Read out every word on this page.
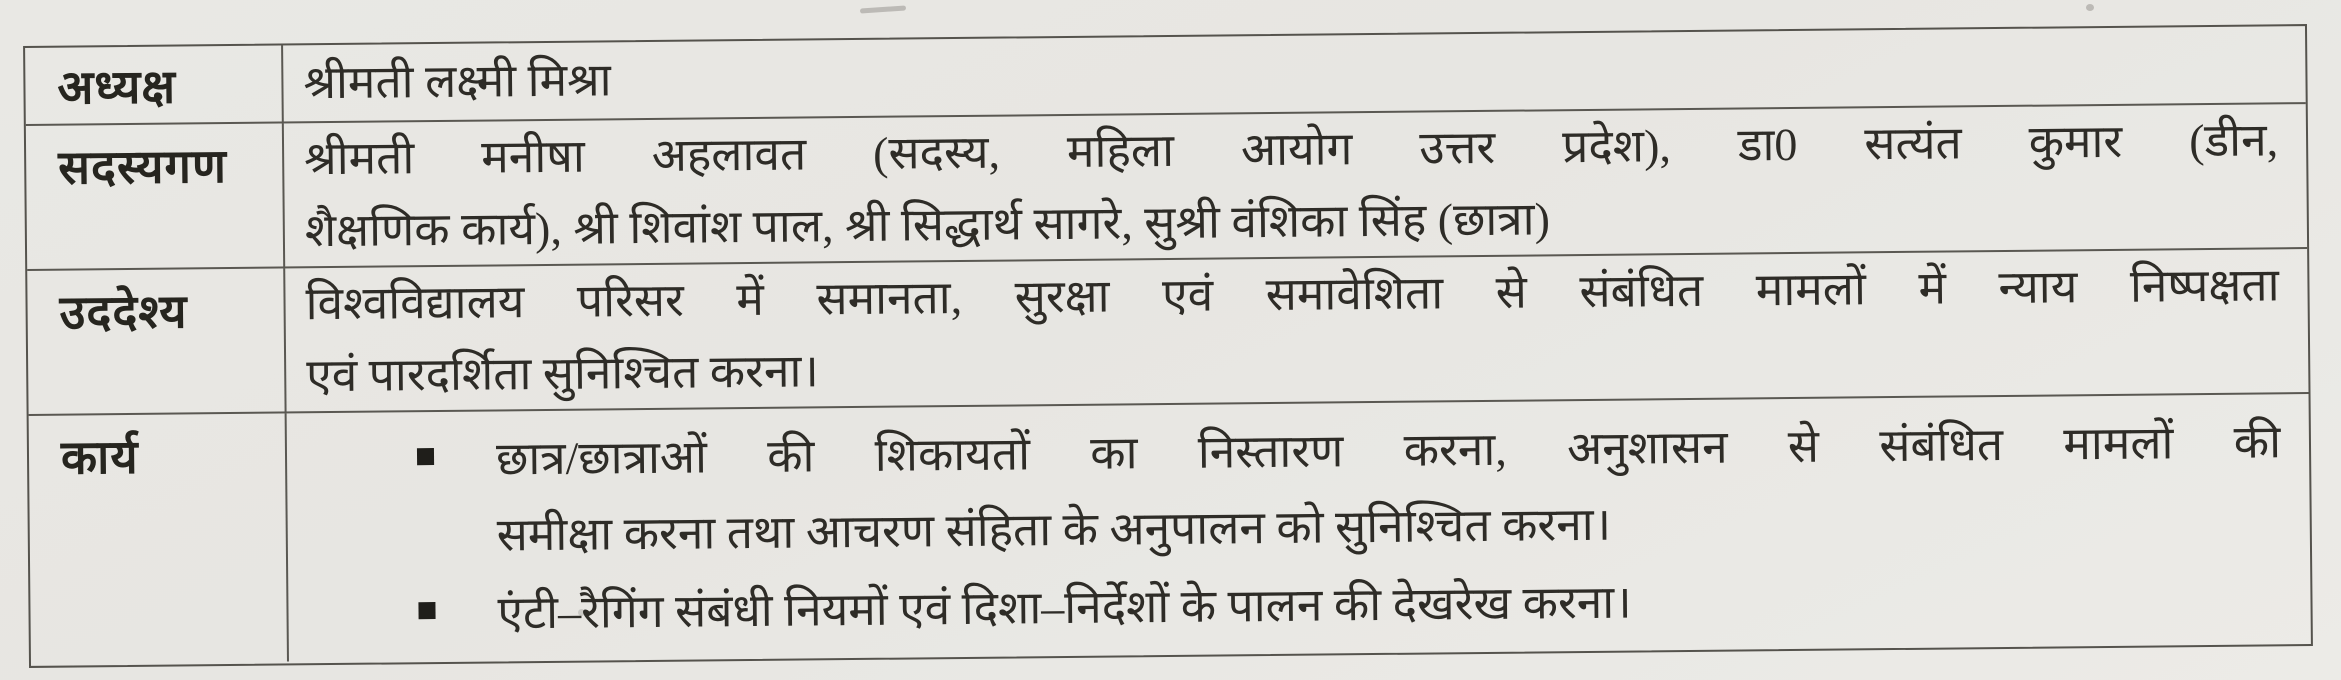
अध्यक्ष	श्रीमती लक्ष्मी मिश्रा
सदस्यगण	श्रीमती मनीषा अहलावत (सदस्य, महिला आयोग उत्तर प्रदेश), डा0 सत्यंत कुमार (डीन,
शैक्षणिक कार्य), श्री शिवांश पाल, श्री सिद्धार्थ सागरे, सुश्री वंशिका सिंह (छात्रा)
उददेश्य	विश्वविद्यालय परिसर में समानता, सुरक्षा एवं समावेशिता से संबंधित मामलों में न्याय निष्पक्षता
एवं पारदर्शिता सुनिश्चित करना।
कार्य	छात्र/छात्राओं की शिकायतों का निस्तारण करना, अनुशासन से संबंधित मामलों की
समीक्षा करना तथा आचरण संहिता के अनुपालन को सुनिश्चित करना।
एंटी–रैगिंग संबंधी नियमों एवं दिशा–निर्देशों के पालन की देखरेख करना।
